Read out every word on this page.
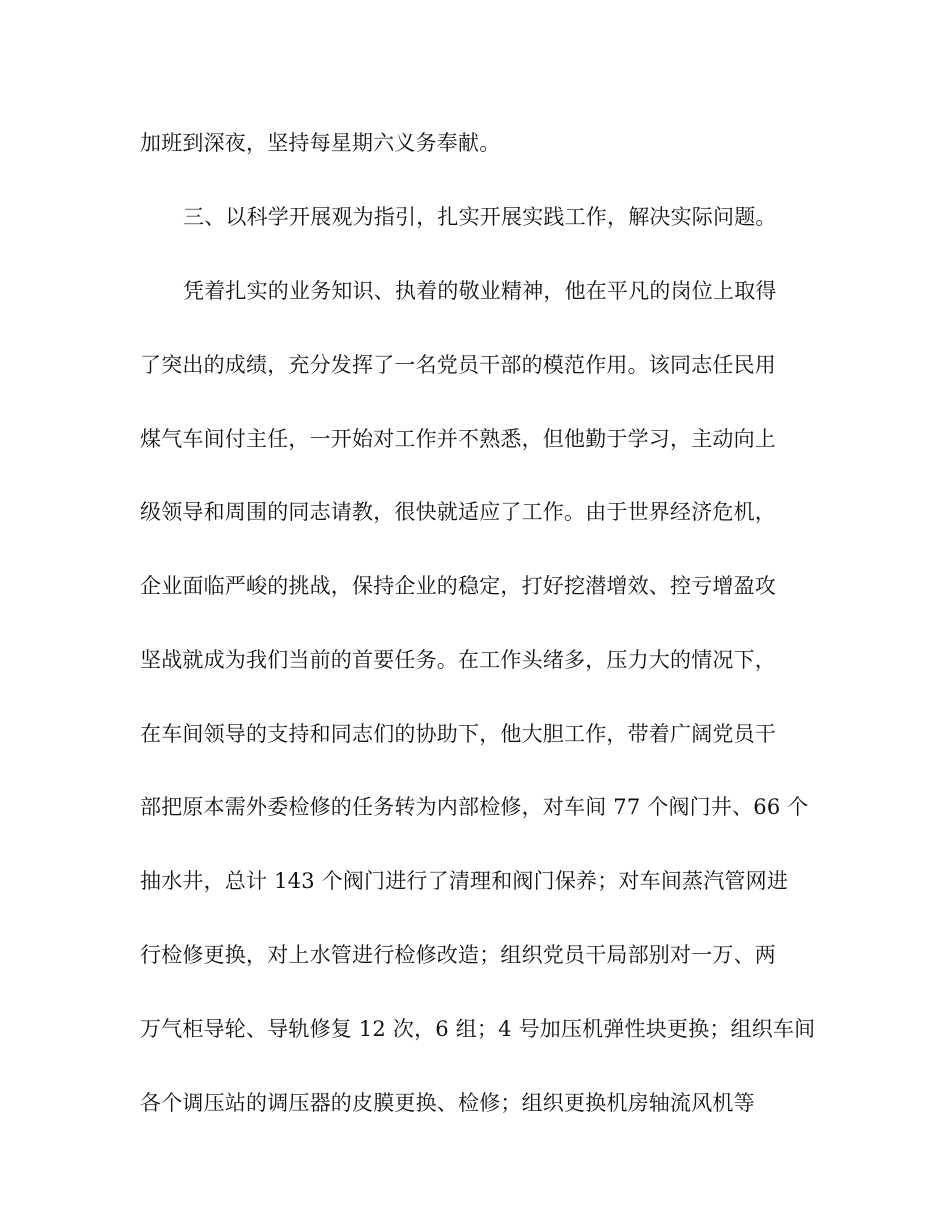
加班到深夜，坚持每星期六义务奉献。
三、以科学开展观为指引，扎实开展实践工作，解决实际问题。
凭着扎实的业务知识、执着的敬业精神，他在平凡的岗位上取得
了突出的成绩，充分发挥了一名党员干部的模范作用。该同志任民用
煤气车间付主任，一开始对工作并不熟悉，但他勤于学习，主动向上
级领导和周围的同志请教，很快就适应了工作。由于世界经济危机，
企业面临严峻的挑战，保持企业的稳定，打好挖潜增效、控亏增盈攻
坚战就成为我们当前的首要任务。在工作头绪多，压力大的情况下，
在车间领导的支持和同志们的协助下，他大胆工作，带着广阔党员干
部把原本需外委检修的任务转为内部检修，对车间 77 个阀门井、66 个
抽水井，总计 143 个阀门进行了清理和阀门保养；对车间蒸汽管网进
行检修更换，对上水管进行检修改造；组织党员干局部别对一万、两
万气柜导轮、导轨修复 12 次，6 组；4 号加压机弹性块更换；组织车间
各个调压站的调压器的皮膜更换、检修；组织更换机房轴流风机等
